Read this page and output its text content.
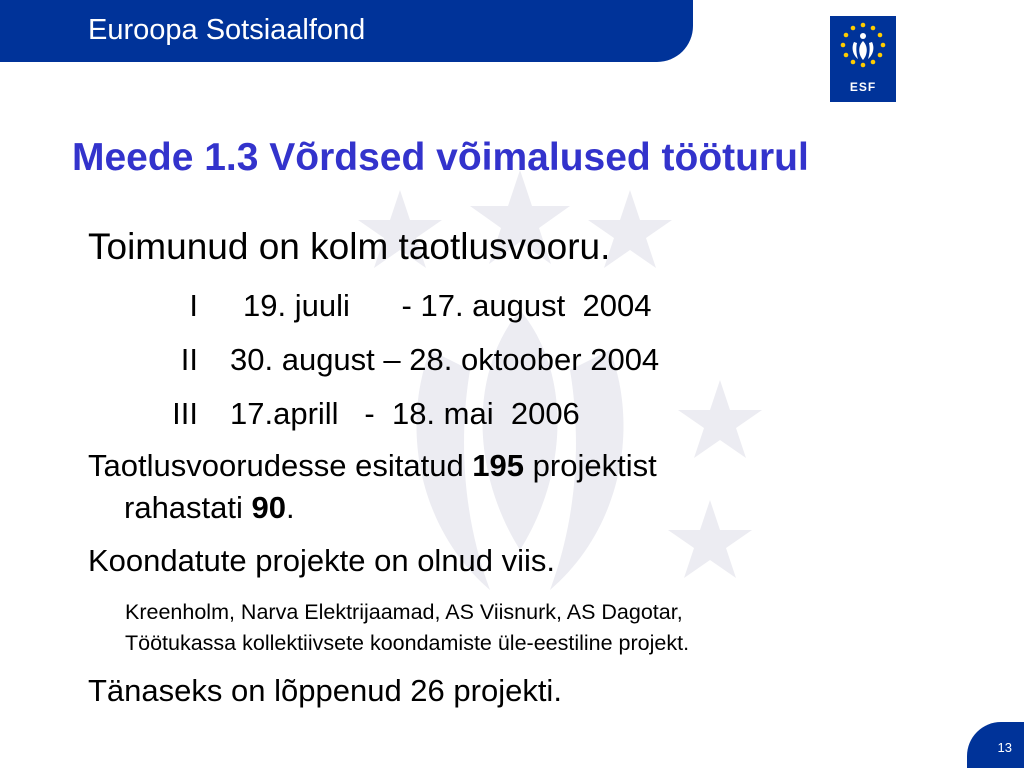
Euroopa Sotsiaalfond
ESF
Meede 1.3 Võrdsed võimalused tööturul
Toimunud on kolm taotlusvooru.
I 19. juuli      - 17. august  2004
II 30. august – 28. oktoober 2004
III 17.aprill   -  18. mai  2006
Taotlusvoorudesse esitatud 195 projektist
rahastati 90.
Koondatute projekte on olnud viis.
Kreenholm, Narva Elektrijaamad, AS Viisnurk, AS Dagotar,
Töötukassa kollektiivsete koondamiste üle-eestiline projekt.
Tänaseks on lõppenud 26 projekti.
13
